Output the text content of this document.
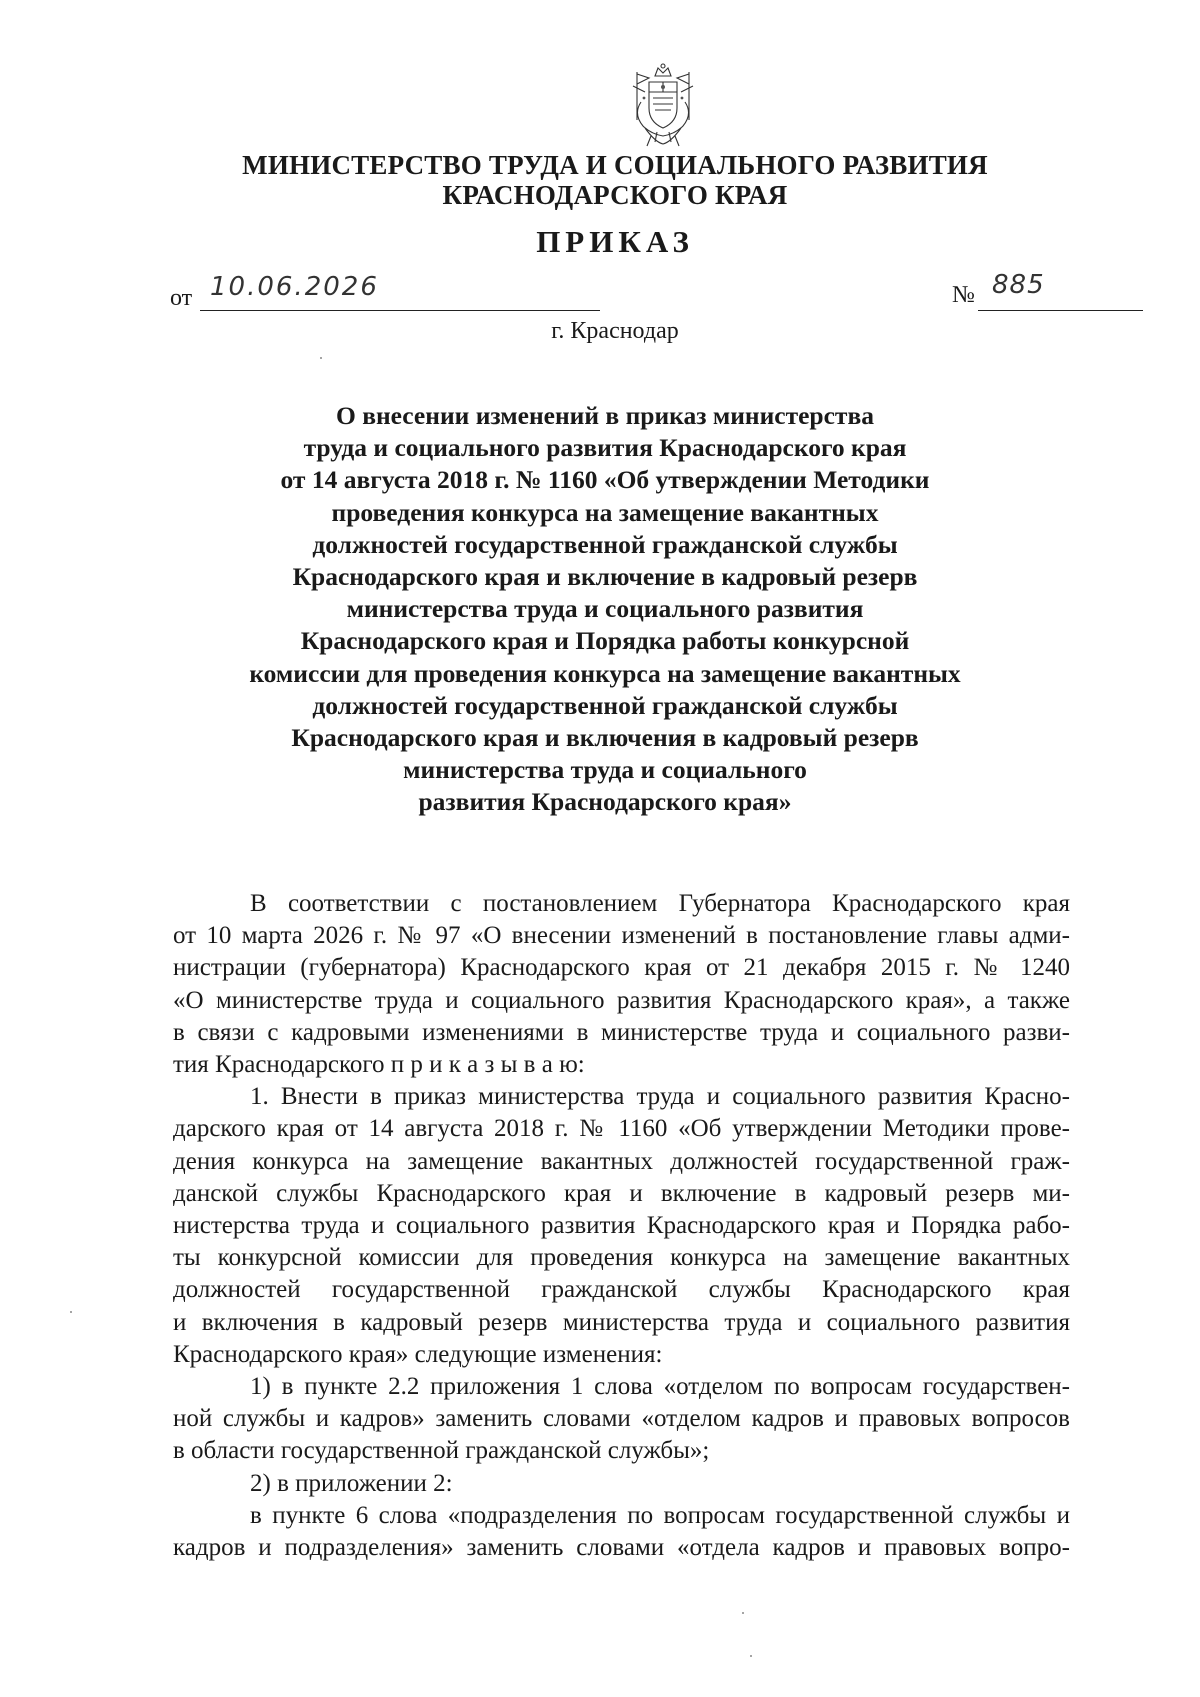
МИНИСТЕРСТВО ТРУДА И СОЦИАЛЬНОГО РАЗВИТИЯ
КРАСНОДАРСКОГО КРАЯ
ПРИКАЗ
от 10.06.2026	№ 885
г. Краснодар
О внесении изменений в приказ министерства
труда и социального развития Краснодарского края
от 14 августа 2018 г. № 1160 «Об утверждении Методики
проведения конкурса на замещение вакантных
должностей государственной гражданской службы
Краснодарского края и включение в кадровый резерв
министерства труда и социального развития
Краснодарского края и Порядка работы конкурсной
комиссии для проведения конкурса на замещение вакантных
должностей государственной гражданской службы
Краснодарского края и включения в кадровый резерв
министерства труда и социального
развития Краснодарского края»
В соответствии с постановлением Губернатора Краснодарского края
от 10 марта 2026 г. № 97 «О внесении изменений в постановление главы адми-
нистрации (губернатора) Краснодарского края от 21 декабря 2015 г. № 1240
«О министерстве труда и социального развития Краснодарского края», а также
в связи с кадровыми изменениями в министерстве труда и социального разви-
тия Краснодарского п р и к а з ы в а ю:
1. Внести в приказ министерства труда и социального развития Красно-
дарского края от 14 августа 2018 г. № 1160 «Об утверждении Методики прове-
дения конкурса на замещение вакантных должностей государственной граж-
данской службы Краснодарского края и включение в кадровый резерв ми-
нистерства труда и социального развития Краснодарского края и Порядка рабо-
ты конкурсной комиссии для проведения конкурса на замещение вакантных
должностей государственной гражданской службы Краснодарского края
и включения в кадровый резерв министерства труда и социального развития
Краснодарского края» следующие изменения:
1) в пункте 2.2 приложения 1 слова «отделом по вопросам государствен-
ной службы и кадров» заменить словами «отделом кадров и правовых вопросов
в области государственной гражданской службы»;
2) в приложении 2:
в пункте 6 слова «подразделения по вопросам государственной службы и
кадров и подразделения» заменить словами «отдела кадров и правовых вопро-
